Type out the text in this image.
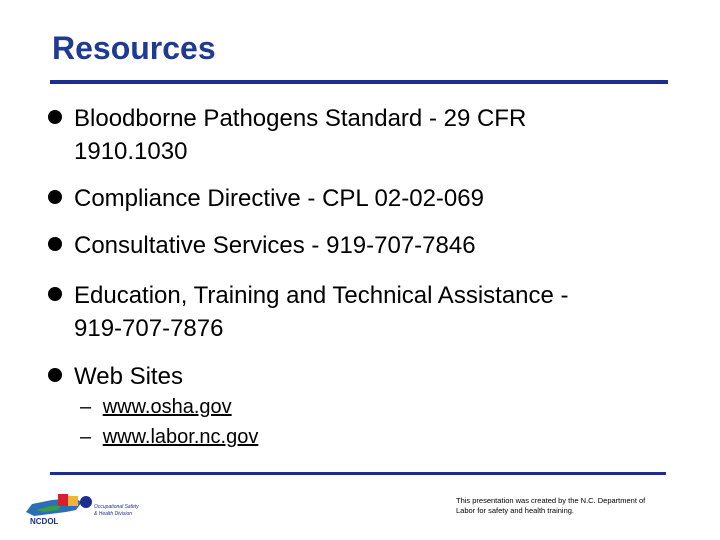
Resources
Bloodborne Pathogens Standard - 29 CFR
1910.1030
Compliance Directive - CPL 02-02-069
Consultative Services - 919-707-7846
Education, Training and Technical Assistance -
919-707-7876
Web Sites
– www.osha.gov
– www.labor.nc.gov
NCDOL
Occupational Safety
& Health Division
This presentation was created by the N.C. Department of Labor for safety and health training.
